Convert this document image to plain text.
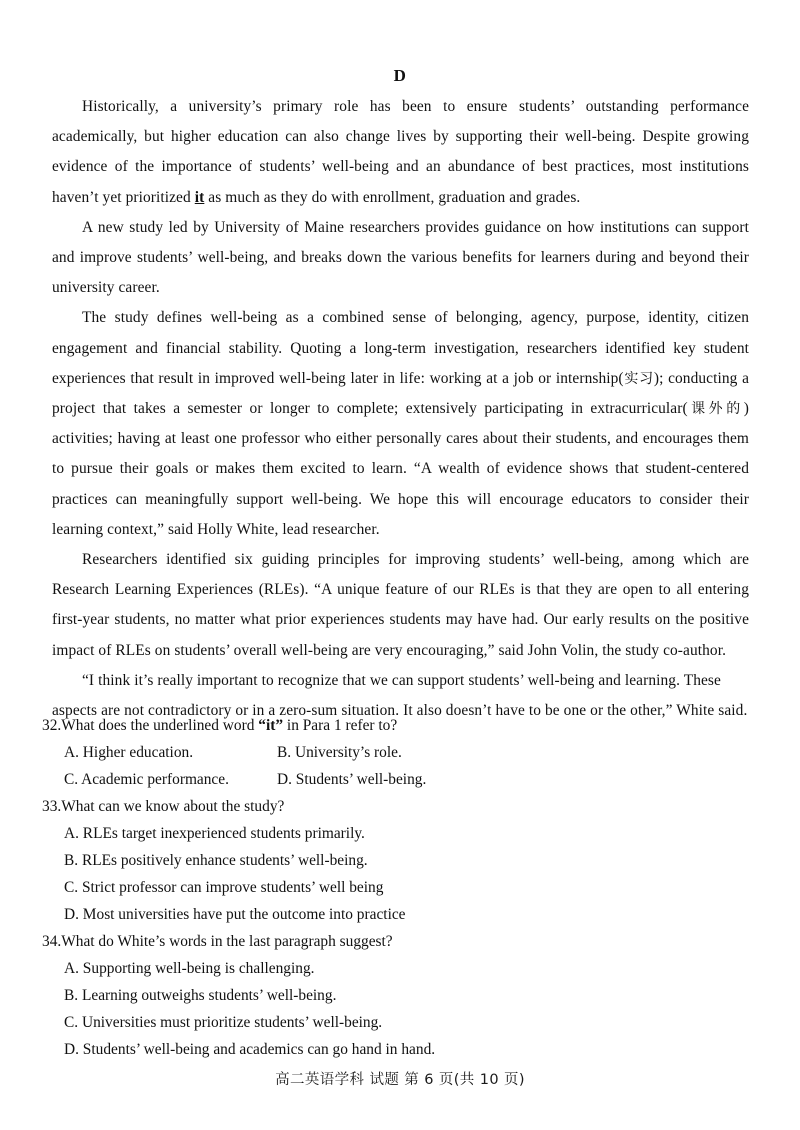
D

Historically, a university’s primary role has been to ensure students’ outstanding performance academically, but higher education can also change lives by supporting their well-being. Despite growing evidence of the importance of students’ well-being and an abundance of best practices, most institutions haven’t yet prioritized it as much as they do with enrollment, graduation and grades.

A new study led by University of Maine researchers provides guidance on how institutions can support and improve students’ well-being, and breaks down the various benefits for learners during and beyond their university career.

The study defines well-being as a combined sense of belonging, agency, purpose, identity, citizen engagement and financial stability. Quoting a long-term investigation, researchers identified key student experiences that result in improved well-being later in life: working at a job or internship(实习); conducting a project that takes a semester or longer to complete; extensively participating in extracurricular(课外的) activities; having at least one professor who either personally cares about their students, and encourages them to pursue their goals or makes them excited to learn. “A wealth of evidence shows that student-centered practices can meaningfully support well-being. We hope this will encourage educators to consider their learning context,” said Holly White, lead researcher.

Researchers identified six guiding principles for improving students’ well-being, among which are Research Learning Experiences (RLEs). “A unique feature of our RLEs is that they are open to all entering first-year students, no matter what prior experiences students may have had. Our early results on the positive impact of RLEs on students’ overall well-being are very encouraging,” said John Volin, the study co-author.

“I think it’s really important to recognize that we can support students’ well-being and learning. These aspects are not contradictory or in a zero-sum situation. It also doesn’t have to be one or the other,” White said.

32.What does the underlined word “it” in Para 1 refer to?

A. Higher education.	B. University’s role.
C. Academic performance.	D. Students’ well-being.

33.What can we know about the study?

A. RLEs target inexperienced students primarily.
B. RLEs positively enhance students’ well-being.
C. Strict professor can improve students’ well being
D. Most universities have put the outcome into practice

34.What do White’s words in the last paragraph suggest?

A. Supporting well-being is challenging.
B. Learning outweighs students’ well-being.
C. Universities must prioritize students’ well-being.
D. Students’ well-being and academics can go hand in hand.
高二英语学科 试题 第 6 页(共 10 页)
